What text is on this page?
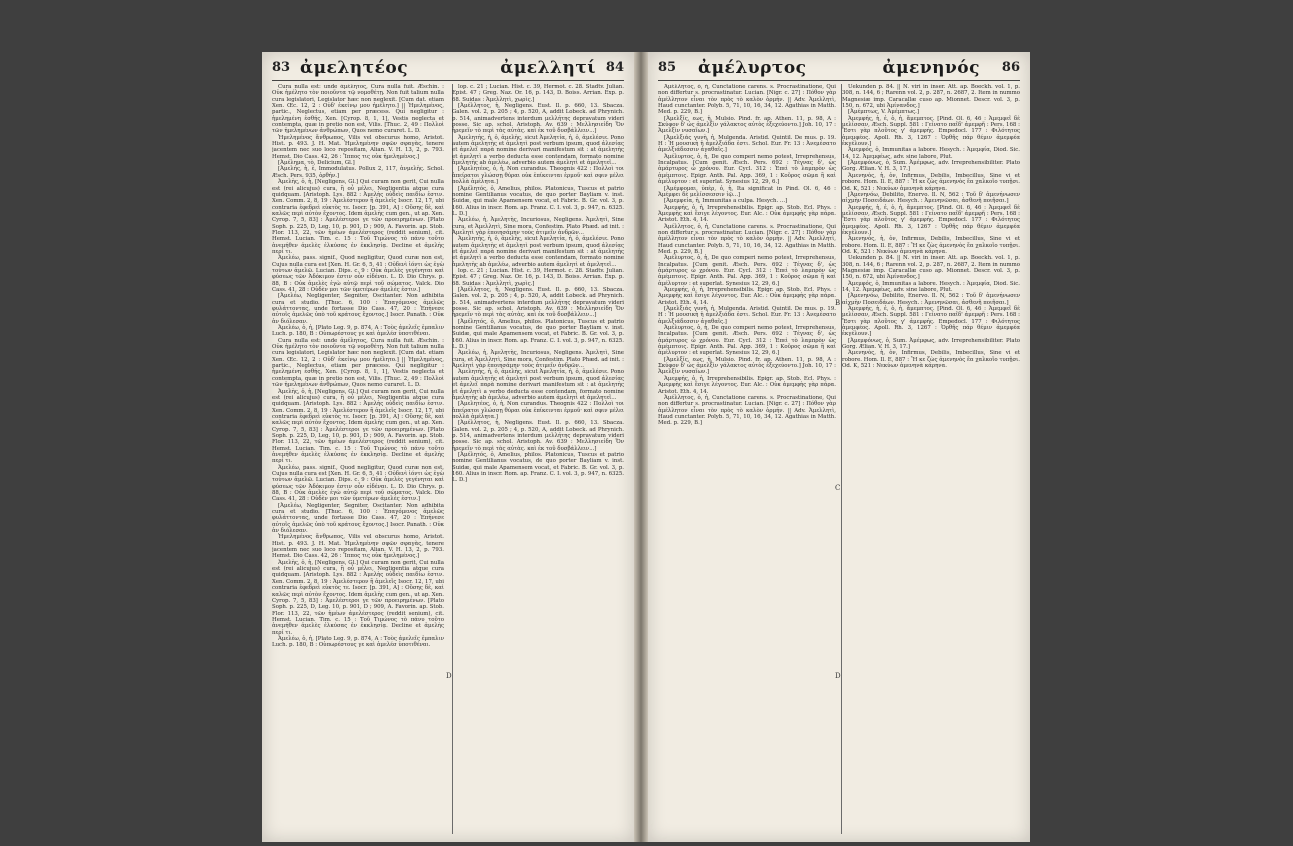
83 ἀμελητέος	ἀμελλητί 84

Cura nulla est: unde ἀμέλητος, Cura nulla fuit. Æschin. : Οὐκ ἠμέλητο τὸν ποιοῦντα τῷ νομοθέτῃ. Non fuit talium nulla cura legislatori, Legislator hæc non neglexit. [Cum dat. etiam Xen. Œc. 12, 2 : Οὐδ' ἐκείνῳ μου ἠμέλητο.] || Ἠμελημένος, partic., Neglectus, etiam per præcess. Qui negligitur : ἠμελημένη ἐσθής, Xen. [Cyrop. 8, 1, 1], Vestis neglecta et contempta, quæ in pretio non est, Vilis. [Thuc. 2, 49 : Πολλοὶ τῶν ἠμελημένων ἀνθρώπων, Quos nemo curaret. L. D.

Ἠμελημένος ἄνθρωπος, Vilis vel obscurus homo, Aristot. Hist. p. 493. J. H. Mat. Ἠμελημένην σφῶν σφαγὰς, tenere jacentem nec suo loco repositam, Alian. V. H. 13, 2, p. 793. Hemst. Dio Cass. 42, 26 : Ἵππος τις οὐκ ἠμελημένος.]

[Ἀμέλημα, τὸ, Delicium, Gl.]

[Ἀμελής, ἡ, ἑ, Immodulatus. Pollux 2, 117, ἀνμελὴς. Schol. Æsch. Pers. 935, ὀρθήν.]

Ἀμελὴς, ὁ, ἡ, [Negligens, Gl.] Qui curam non gerit, Cui nulla est (rei alicujus) cura, ἢ οὗ μέλει, Negligentia atque cura quidquam. [Aristoph. Lys. 882 : Ἀμελὴς οὐδεὶς παιδίω ἐστιν. Xen. Comm. 2, 8, 19 : Ἀμελέστερον ἢ ἀμελεῖς Isocr. 12, 17, ubi contraria ἐφεδρεὶ εὐκτὸς τε. Isocr. [p. 391, A] : Οὔσης δὲ, καὶ καλῶς περὶ αὐτὸν ἔχοντος. Idem ἀμελὴς cum gen., ut ap. Xen. Cyrop. 7, 5, 83] : Ἀμελέστεροι γε τῶν προειρημένων. [Plato Soph. p. 225, D, Leg. 10, p. 901, D ; 909, A. Favorin. ap. Stob. Flor. 113, 22, τῶν ἡμέων ἀμελέστερος (reddit senium), cit. Hemst. Lucian. Tim. c. 15 : Τοῦ Τιμώνος τὸ πάνυ τοῦτο ἀνεμήθεν ἀμελὲς ἑλκύσας ἐν ἐκκλησίᾳ. Decline et ἀμελὴς περί τι.

Ἀμελέω, pass. signif., Quod negligitur, Quod curæ non est, Cujus nulla cura est [Xen. H. Gr. 6, 5, 41 : Οὐδενὶ ἰόντι ὡς ἐγὼ τούτων ἀμελῶ. Lucian. Dips. c. 9 : Οὐκ ἀμελὲς γεγένηται καὶ φύσεως τῶν Ἀδόκιμον ἐστιν οὖν εἰδέναι. L. D. Dio Chrys. p. 88, B : Οὐκ ἀμελὲς ἐγὼ αὐτῷ περὶ τοῦ σώματος. Valck. Dio Cass. 41, 28 : Οὐδὲν μοι τῶν ὑμετέρων ἀμελὲς ἐστιν.]

[Ἀμελέω, Negligenter, Segniter, Oscitanter. Non adhibita cura et studio. [Thuc. 6, 100 : Ἐπαγόμενος ἀμελῶς φυλάττοντας, unde fortasse Dio Cass. 47, 20 : Ἐπήνεσε αὐτοῖς ἀμελῶς ὑπὸ τοῦ κράτους ἔχοντος.] Isocr. Panath. : Οὐκ ἀν διόλεσαν.

Ἀμελέω, ὁ, ἡ, [Plato Leg. 9, p. 874, A : Τοὺς ἀμελεῖς ἐμπαλιν Luch. p. 180, B : Οὐπωρέστους γε καὶ ἀμελέσ ὑποτιθέναι.

Cura nulla est: unde ἀμέλητος, Cura nulla fuit. Æschin. : Οὐκ ἠμέλητο τὸν ποιοῦντα τῷ νομοθέτῃ. Non fuit talium nulla cura legislatori, Legislator hæc non neglexit. [Cum dat. etiam Xen. Œc. 12, 2 : Οὐδ' ἐκείνῳ μου ἠμέλητο.] || Ἠμελημένος, partic., Neglectus, etiam per præcess. Qui negligitur : ἠμελημένη ἐσθής, Xen. [Cyrop. 8, 1, 1], Vestis neglecta et contempta, quæ in pretio non est, Vilis. [Thuc. 2, 49 : Πολλοὶ τῶν ἠμελημένων ἀνθρώπων, Quos nemo curaret. L. D.

Ἀμελὴς, ὁ, ἡ, [Negligens, Gl.] Qui curam non gerit, Cui nulla est (rei alicujus) cura, ἢ οὗ μέλει, Negligentia atque cura quidquam. [Aristoph. Lys. 882 : Ἀμελὴς οὐδεὶς παιδίω ἐστιν. Xen. Comm. 2, 8, 19 : Ἀμελέστερον ἢ ἀμελεῖς Isocr. 12, 17, ubi contraria ἐφεδρεὶ εὐκτὸς τε. Isocr. [p. 391, A] : Οὔσης δὲ, καὶ καλῶς περὶ αὐτὸν ἔχοντος. Idem ἀμελὴς cum gen., ut ap. Xen. Cyrop. 7, 5, 83] : Ἀμελέστεροι γε τῶν προειρημένων. [Plato Soph. p. 225, D, Leg. 10, p. 901, D ; 909, A. Favorin. ap. Stob. Flor. 113, 22, τῶν ἡμέων ἀμελέστερος (reddit senium), cit. Hemst. Lucian. Tim. c. 15 : Τοῦ Τιμώνος τὸ πάνυ τοῦτο ἀνεμήθεν ἀμελὲς ἑλκύσας ἐν ἐκκλησίᾳ. Decline et ἀμελὴς περί τι.

Ἀμελέω, pass. signif., Quod negligitur, Quod curæ non est, Cujus nulla cura est [Xen. H. Gr. 6, 5, 41 : Οὐδενὶ ἰόντι ὡς ἐγὼ τούτων ἀμελῶ. Lucian. Dips. c. 9 : Οὐκ ἀμελὲς γεγένηται καὶ φύσεως τῶν Ἀδόκιμον ἐστιν οὖν εἰδέναι. L. D. Dio Chrys. p. 88, B : Οὐκ ἀμελὲς ἐγὼ αὐτῷ περὶ τοῦ σώματος. Valck. Dio Cass. 41, 28 : Οὐδὲν μοι τῶν ὑμετέρων ἀμελὲς ἐστιν.]

[Ἀμελέω, Negligenter, Segniter, Oscitanter. Non adhibita cura et studio. [Thuc. 6, 100 : Ἐπαγόμενος ἀμελῶς φυλάττοντας, unde fortasse Dio Cass. 47, 20 : Ἐπήνεσε αὐτοῖς ἀμελῶς ὑπὸ τοῦ κράτους ἔχοντος.] Isocr. Panath. : Οὐκ ἀν διόλεσαν.

Ἠμελημένος ἄνθρωπος, Vilis vel obscurus homo, Aristot. Hist. p. 493. J. H. Mat. Ἠμελημένην σφῶν σφαγὰς, tenere jacentem nec suo loco repositam, Alian. V. H. 13, 2, p. 793. Hemst. Dio Cass. 42, 26 : Ἵππος τις οὐκ ἠμελημένος.]

Ἀμελὴς, ὁ, ἡ, [Negligens, Gl.] Qui curam non gerit, Cui nulla est (rei alicujus) cura, ἢ οὗ μέλει, Negligentia atque cura quidquam. [Aristoph. Lys. 882 : Ἀμελὴς οὐδεὶς παιδίω ἐστιν. Xen. Comm. 2, 8, 19 : Ἀμελέστερον ἢ ἀμελεῖς Isocr. 12, 17, ubi contraria ἐφεδρεὶ εὐκτὸς τε. Isocr. [p. 391, A] : Οὔσης δὲ, καὶ καλῶς περὶ αὐτὸν ἔχοντος. Idem ἀμελὴς cum gen., ut ap. Xen. Cyrop. 7, 5, 83] : Ἀμελέστεροι γε τῶν προειρημένων. [Plato Soph. p. 225, D, Leg. 10, p. 901, D ; 909, A. Favorin. ap. Stob. Flor. 113, 22, τῶν ἡμέων ἀμελέστερος (reddit senium), cit. Hemst. Lucian. Tim. c. 15 : Τοῦ Τιμώνος τὸ πάνυ τοῦτο ἀνεμήθεν ἀμελὲς ἑλκύσας ἐν ἐκκλησίᾳ. Decline et ἀμελὴς περί τι.

Ἀμελέω, ὁ, ἡ, [Plato Leg. 9, p. 874, A : Τοὺς ἀμελεῖς ἐμπαλιν Luch. p. 180, B : Οὐπωρέστους γε καὶ ἀμελέσ ὑποτιθέναι.

D

lop. c. 21 ; Lucian. Hist. c. 39, Hermot. c. 28. Stadtv. Julian. Epist. 47 ; Greg. Naz. Or. 16, p. 143, D. Boiss. Arrian. Exp. p. 68. Suidas : Ἀμελλητὶ, χωρὶς.]

[Ἀμέλλητος, ἡ, Negligens. Eust. Il. p. 660, 13. Sbacza. Galen. vol. 2, p. 205 ; 4, p. 520, A, addit Lobeck. ad Phrynich. p. 514, animadvertens interdum μελλήτης depravatum videri posse. Sic ap. schol. Aristoph. Av. 639 : Μελλησιείδη Ὄν ἠρεμεῖν τὸ περὶ τὰς αὐτὰς. καὶ ἐκ τοῦ δυσβάλλειν...]

Ἀμελητὴς, ἡ, ὁ, ἀμελὴς, sicut Ἀμελητία, ἡ, ὁ, ἀμελέσιε. Pono autem ἀμελητὴς et ἀμελητὶ post verbum ipsum, quod ἀλεσίας et ἀμελεῖ παρὰ nomine derivari manifestum sit : at ἀμελητὴς et ἀμελητὶ a verbo deducta esse contendam, formato nomine ἀμελητὴς ab ἀμελέω, adverbio autem ἀμελητὶ et ἀμελητεῖ...

[Ἀμελητέος, ὁ, ἡ, Non curandus. Theognis 422 : Πολλοὶ τοι ἀπείρατοι γλώσσῃ θύραι οὐκ ἐπίκεινται ἐρμοῦ· καὶ σφιν μέλει πολλὰ ἀμέλητα.]

[Ἀμέλητός, ὁ, Amelius, philos. Platonicus, Tuscus et patrio nomine Gentilianus vocatus, de quo porter Bayliam v. inst. Suidæ, qui male Apamensem vocat, et Fabric. B. Gr. vol. 3, p. 160. Alius in inscr. Rom. ap. Franz. C. I. vol. 3, p. 947, n. 6325. L. D.]

Ἀμελέω, ἡ, Ἀμελητὴς, Incuriosus, Negligens. Ἀμελητὶ, Sine cura, et Ἀμελλητὶ, Sine mora, Confestim. Plato Phæd. ad init. : Ἀμελητὶ γὰρ ἐποιησάμην τοὺς ἀτιμεῖν ἀνδρῶν...

Ἀμελητὴς, ἡ, ὁ, ἀμελὴς, sicut Ἀμελητία, ἡ, ὁ, ἀμελέσιε. Pono autem ἀμελητὴς et ἀμελητὶ post verbum ipsum, quod ἀλεσίας et ἀμελεῖ παρὰ nomine derivari manifestum sit : at ἀμελητὴς et ἀμελητὶ a verbo deducta esse contendam, formato nomine ἀμελητὴς ab ἀμελέω, adverbio autem ἀμελητὶ et ἀμελητεῖ...

lop. c. 21 ; Lucian. Hist. c. 39, Hermot. c. 28. Stadtv. Julian. Epist. 47 ; Greg. Naz. Or. 16, p. 143, D. Boiss. Arrian. Exp. p. 68. Suidas : Ἀμελλητὶ, χωρὶς.]

[Ἀμέλλητος, ἡ, Negligens. Eust. Il. p. 660, 13. Sbacza. Galen. vol. 2, p. 205 ; 4, p. 520, A, addit Lobeck. ad Phrynich. p. 514, animadvertens interdum μελλήτης depravatum videri posse. Sic ap. schol. Aristoph. Av. 639 : Μελλησιείδη Ὄν ἠρεμεῖν τὸ περὶ τὰς αὐτὰς. καὶ ἐκ τοῦ δυσβάλλειν...]

[Ἀμέλητός, ὁ, Amelius, philos. Platonicus, Tuscus et patrio nomine Gentilianus vocatus, de quo porter Bayliam v. inst. Suidæ, qui male Apamensem vocat, et Fabric. B. Gr. vol. 3, p. 160. Alius in inscr. Rom. ap. Franz. C. I. vol. 3, p. 947, n. 6325. L. D.]

Ἀμελέω, ἡ, Ἀμελητὴς, Incuriosus, Negligens. Ἀμελητὶ, Sine cura, et Ἀμελλητὶ, Sine mora, Confestim. Plato Phæd. ad init. : Ἀμελητὶ γὰρ ἐποιησάμην τοὺς ἀτιμεῖν ἀνδρῶν...

Ἀμελητὴς, ἡ, ὁ, ἀμελὴς, sicut Ἀμελητία, ἡ, ὁ, ἀμελέσιε. Pono autem ἀμελητὴς et ἀμελητὶ post verbum ipsum, quod ἀλεσίας et ἀμελεῖ παρὰ nomine derivari manifestum sit : at ἀμελητὴς et ἀμελητὶ a verbo deducta esse contendam, formato nomine ἀμελητὴς ab ἀμελέω, adverbio autem ἀμελητὶ et ἀμελητεῖ...

[Ἀμελητέος, ὁ, ἡ, Non curandus. Theognis 422 : Πολλοὶ τοι ἀπείρατοι γλώσσῃ θύραι οὐκ ἐπίκεινται ἐρμοῦ· καὶ σφιν μέλει πολλὰ ἀμέλητα.]

[Ἀμέλλητος, ἡ, Negligens. Eust. Il. p. 660, 13. Sbacza. Galen. vol. 2, p. 205 ; 4, p. 520, A, addit Lobeck. ad Phrynich. p. 514, animadvertens interdum μελλήτης depravatum videri posse. Sic ap. schol. Aristoph. Av. 639 : Μελλησιείδη Ὄν ἠρεμεῖν τὸ περὶ τὰς αὐτὰς. καὶ ἐκ τοῦ δυσβάλλειν...]

[Ἀμέλητός, ὁ, Amelius, philos. Platonicus, Tuscus et patrio nomine Gentilianus vocatus, de quo porter Bayliam v. inst. Suidæ, qui male Apamensem vocat, et Fabric. B. Gr. vol. 3, p. 160. Alius in inscr. Rom. ap. Franz. C. I. vol. 3, p. 947, n. 6325. L. D.]

85 ἀμέλυρτος	ἀμενηνός 86

Ἀμέλλητος, ὁ, ἡ, Cunctatione carens. s. Procrastinatione, Qui non differtur s. procrastinatur. Lucian. [Nigr. c. 27] : Πόθον γὰρ ἀμέλλητον εἶναι τὸν πρὸς τὸ καλὸν ὁρμήν. || Adv. Ἀμελλητὶ, Haud cunctanter. Polyb. 5, 71, 10, 16, 34, 12. Agathias in Matth. Med. p. 229, B.]

[Ἀμελξίς, εως, ἡ, Mulsio. Pind. fr. ap. Athen. 11, p. 98, A : Σκύφον δ' ὡς ἀμελξὶν γάλακτος αὐτὸς ἐξεχεύοντο.] Joh. 10, 17 : Ἀμελξὶν νυσαῖων.]

[Ἀμελξιάς γυνὴ, ἡ, Mulgenda. Aristid. Quintil. De mus. p. 19. H : Ἡ μουσικὴ ἡ ἀμελξιάδα ἐστι. Schol. Eur. Fr. 13 : Ἀνεμέσατο ἀμελξιάδεσσιν ἀγαθαῖς.]

Ἀμέλυρτος, ὁ, ἡ, De quo comperi nemo potest, Irreprehensus, Incalpatus. [Cum genit. Æsch. Pers. 692 : Τέγνας δ', ὡς ἀμάρτυρος ὦ χρόνου. Eur. Cycl. 312 : Ἐπεὶ τὸ λαμπρὸν ὡς ἀμέμπτοις. Epigr. Anth. Pal. App. 369, 1 : Κοῦρος σῶμα ἢ καὶ ἀμέλυρτον : et superlat. Synesius 12, 29, 6.]

[Ἀμέμφομαι, ὑπὲρ, ὁ, ἡ, Ita significat in Pind. Ol. 6, 46 : Ἀμέμφει δὲ μελίσσεσσιν ἰῷ...]

[Ἀμεμφεία, ἡ, Immunitas a culpa. Hesych. ...]

Ἀμεμφής, ὁ, ἡ, Irreprehensibilis. Epigr. ap. Stob. Ecl. Phys. : Ἀμεμφὴς καὶ ἔσιγε λέγοντος. Eur. Alc. : Οὐκ ἀμεμφὴς γὰρ πάρα. Aristot. Eth. 4, 14.

Ἀμέλλητος, ὁ, ἡ, Cunctatione carens. s. Procrastinatione, Qui non differtur s. procrastinatur. Lucian. [Nigr. c. 27] : Πόθον γὰρ ἀμέλλητον εἶναι τὸν πρὸς τὸ καλὸν ὁρμήν. || Adv. Ἀμελλητὶ, Haud cunctanter. Polyb. 5, 71, 10, 16, 34, 12. Agathias in Matth. Med. p. 229, B.]

Ἀμέλυρτος, ὁ, ἡ, De quo comperi nemo potest, Irreprehensus, Incalpatus. [Cum genit. Æsch. Pers. 692 : Τέγνας δ', ὡς ἀμάρτυρος ὦ χρόνου. Eur. Cycl. 312 : Ἐπεὶ τὸ λαμπρὸν ὡς ἀμέμπτοις. Epigr. Anth. Pal. App. 369, 1 : Κοῦρος σῶμα ἢ καὶ ἀμέλυρτον : et superlat. Synesius 12, 29, 6.]

Ἀμεμφής, ὁ, ἡ, Irreprehensibilis. Epigr. ap. Stob. Ecl. Phys. : Ἀμεμφὴς καὶ ἔσιγε λέγοντος. Eur. Alc. : Οὐκ ἀμεμφὴς γὰρ πάρα. Aristot. Eth. 4, 14.

[Ἀμελξιάς γυνὴ, ἡ, Mulgenda. Aristid. Quintil. De mus. p. 19. H : Ἡ μουσικὴ ἡ ἀμελξιάδα ἐστι. Schol. Eur. Fr. 13 : Ἀνεμέσατο ἀμελξιάδεσσιν ἀγαθαῖς.]

Ἀμέλυρτος, ὁ, ἡ, De quo comperi nemo potest, Irreprehensus, Incalpatus. [Cum genit. Æsch. Pers. 692 : Τέγνας δ', ὡς ἀμάρτυρος ὦ χρόνου. Eur. Cycl. 312 : Ἐπεὶ τὸ λαμπρὸν ὡς ἀμέμπτοις. Epigr. Anth. Pal. App. 369, 1 : Κοῦρος σῶμα ἢ καὶ ἀμέλυρτον : et superlat. Synesius 12, 29, 6.]

[Ἀμελξίς, εως, ἡ, Mulsio. Pind. fr. ap. Athen. 11, p. 98, A : Σκύφον δ' ὡς ἀμελξὶν γάλακτος αὐτὸς ἐξεχεύοντο.] Joh. 10, 17 : Ἀμελξὶν νυσαῖων.]

Ἀμεμφής, ὁ, ἡ, Irreprehensibilis. Epigr. ap. Stob. Ecl. Phys. : Ἀμεμφὴς καὶ ἔσιγε λέγοντος. Eur. Alc. : Οὐκ ἀμεμφὴς γὰρ πάρα. Aristot. Eth. 4, 14.

Ἀμέλλητος, ὁ, ἡ, Cunctatione carens. s. Procrastinatione, Qui non differtur s. procrastinatur. Lucian. [Nigr. c. 27] : Πόθον γὰρ ἀμέλλητον εἶναι τὸν πρὸς τὸ καλὸν ὁρμήν. || Adv. Ἀμελλητὶ, Haud cunctanter. Polyb. 5, 71, 10, 16, 34, 12. Agathias in Matth. Med. p. 229, B.]

B
C
D

Uekunden p. 84. || N. viri in inser. Att. ap. Boeckh. vol. 1, p. 308, n. 144, 6 ; Rarenn vol. 2, p. 287, n. 2687, 2. Item in nummo Magnesiæ imp. Caracallæ cuso ap. Mionnet. Descr. vol. 3, p. 150, n. 672, ubi Ἀμίνανδος.]

[Ἀμέμπτως, V. Ἀμέμπτως.]

Ἀμεμφής, ἡ, ἑ, ὁ, ἡ, ἄμεμπτος. [Pind. Ol. 6, 46 : Ἀμεμφεῖ δὲ μελίσσαν, Æsch. Suppl. 581 : Γείνατο παῖδ' ἀμεμφῆ : Pers. 168 : Ἔστι γὰρ πλοῦτος γ' ἀμεμφής. Empedocl. 177 : Φιλότητος ἀμεμφέος. Apoll. Rh. 3, 1267 : Ὁρθῆς πάρ θέμιν ἀμεμφέα ἐκγέλουν.]

Ἀμεμφός, ὁ, Immunitas a labore. Hesych. : Ἀμεμφία, Diod. Sic. 14, 12. Ἀμεμφέως, adv. sine labore, Plut.

[Ἀμεμφόνως, ὁ, Sum. Ἀμέμφως, adv. Irreprehensibiliter. Plato Gorg. Ælian. V. H. 3, 17.]

Ἀμενηνὸς, ἡ, ὁν, Infirmus, Debilis, Imbecillus, Sine vi et robore. Hom. Il. E, 887 : Ἢ κε ζὼς ἀμενηνὸς ἔα χαλκοῖο τυπῇσι. Od. K, 521 : Νεκύων ἀμενηνὰ κάρηνα.

[Ἀμενηνόω, Debilito, Enervo. Il. N, 562 : Τοῦ δ' ἀμενήνωσεν αἰχμὴν Ποσειδάων. Hesych. : Ἀμενηνῶσαι, ἀσθενῆ ποιῆσαι.]

Ἀμεμφής, ἡ, ἑ, ὁ, ἡ, ἄμεμπτος. [Pind. Ol. 6, 46 : Ἀμεμφεῖ δὲ μελίσσαν, Æsch. Suppl. 581 : Γείνατο παῖδ' ἀμεμφῆ : Pers. 168 : Ἔστι γὰρ πλοῦτος γ' ἀμεμφής. Empedocl. 177 : Φιλότητος ἀμεμφέος. Apoll. Rh. 3, 1267 : Ὁρθῆς πάρ θέμιν ἀμεμφέα ἐκγέλουν.]

Ἀμενηνὸς, ἡ, ὁν, Infirmus, Debilis, Imbecillus, Sine vi et robore. Hom. Il. E, 887 : Ἢ κε ζὼς ἀμενηνὸς ἔα χαλκοῖο τυπῇσι. Od. K, 521 : Νεκύων ἀμενηνὰ κάρηνα.

Uekunden p. 84. || N. viri in inser. Att. ap. Boeckh. vol. 1, p. 308, n. 144, 6 ; Rarenn vol. 2, p. 287, n. 2687, 2. Item in nummo Magnesiæ imp. Caracallæ cuso ap. Mionnet. Descr. vol. 3, p. 150, n. 672, ubi Ἀμίνανδος.]

Ἀμεμφός, ὁ, Immunitas a labore. Hesych. : Ἀμεμφία, Diod. Sic. 14, 12. Ἀμεμφέως, adv. sine labore, Plut.

[Ἀμενηνόω, Debilito, Enervo. Il. N, 562 : Τοῦ δ' ἀμενήνωσεν αἰχμὴν Ποσειδάων. Hesych. : Ἀμενηνῶσαι, ἀσθενῆ ποιῆσαι.]

Ἀμεμφής, ἡ, ἑ, ὁ, ἡ, ἄμεμπτος. [Pind. Ol. 6, 46 : Ἀμεμφεῖ δὲ μελίσσαν, Æsch. Suppl. 581 : Γείνατο παῖδ' ἀμεμφῆ : Pers. 168 : Ἔστι γὰρ πλοῦτος γ' ἀμεμφής. Empedocl. 177 : Φιλότητος ἀμεμφέος. Apoll. Rh. 3, 1267 : Ὁρθῆς πάρ θέμιν ἀμεμφέα ἐκγέλουν.]

[Ἀμεμφόνως, ὁ, Sum. Ἀμέμφως, adv. Irreprehensibiliter. Plato Gorg. Ælian. V. H. 3, 17.]

Ἀμενηνὸς, ἡ, ὁν, Infirmus, Debilis, Imbecillus, Sine vi et robore. Hom. Il. E, 887 : Ἢ κε ζὼς ἀμενηνὸς ἔα χαλκοῖο τυπῇσι. Od. K, 521 : Νεκύων ἀμενηνὰ κάρηνα.
